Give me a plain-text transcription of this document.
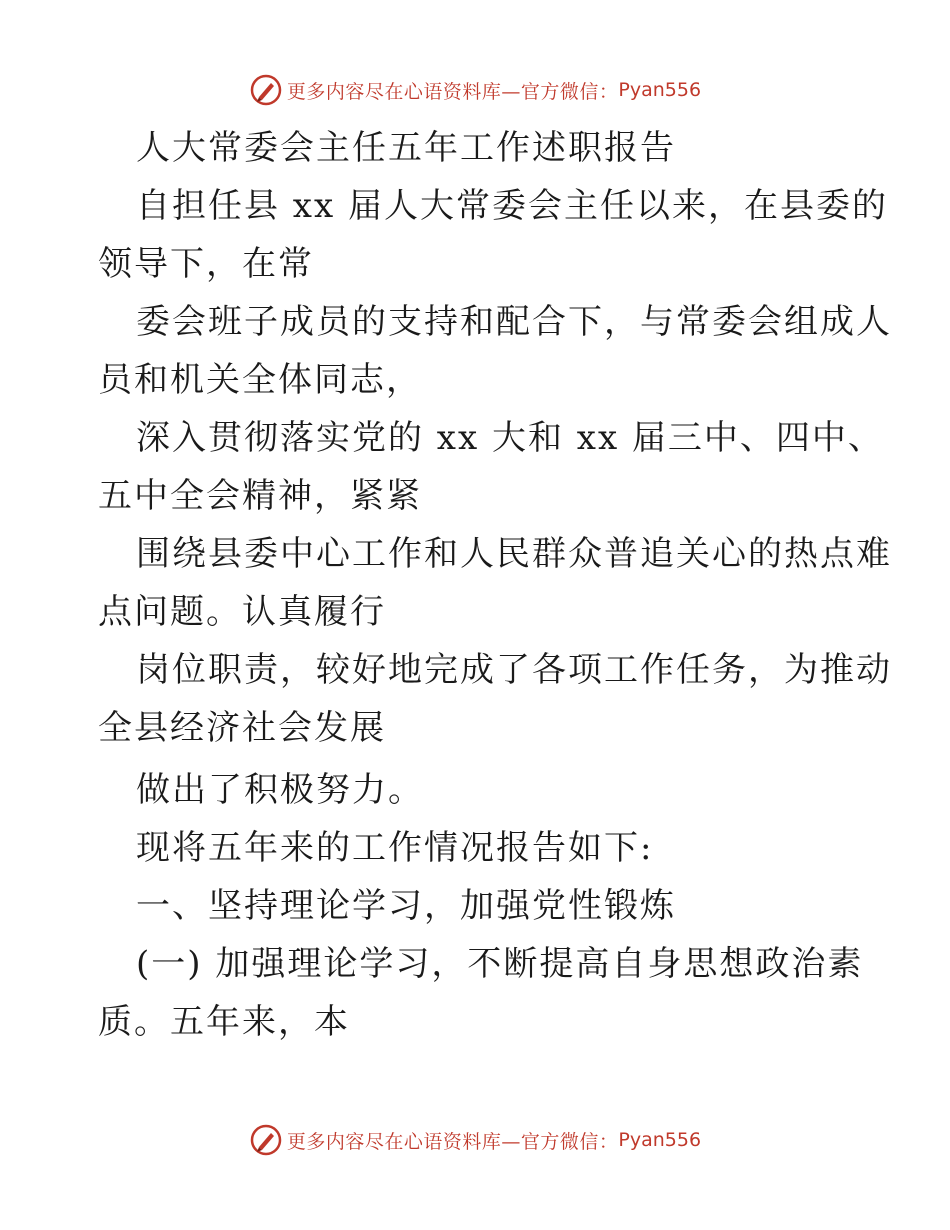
更多内容尽在心语资料库—官方微信： Pyan556
人大常委会主任五年工作述职报告
自担任县 xx 届人大常委会主任以来，在县委的
领导下，在常
委会班子成员的支持和配合下，与常委会组成人
员和机关全体同志，
深入贯彻落实党的 xx 大和 xx 届三中、四中、
五中全会精神，紧紧
围绕县委中心工作和人民群众普追关心的热点难
点问题。认真履行
岗位职责，较好地完成了各项工作任务，为推动
全县经济社会发展
做出了积极努力。
现将五年来的工作情况报告如下:
一、坚持理论学习，加强党性锻炼
(一) 加强理论学习，不断提高自身思想政治素
质。五年来，本
更多内容尽在心语资料库—官方微信： Pyan556
